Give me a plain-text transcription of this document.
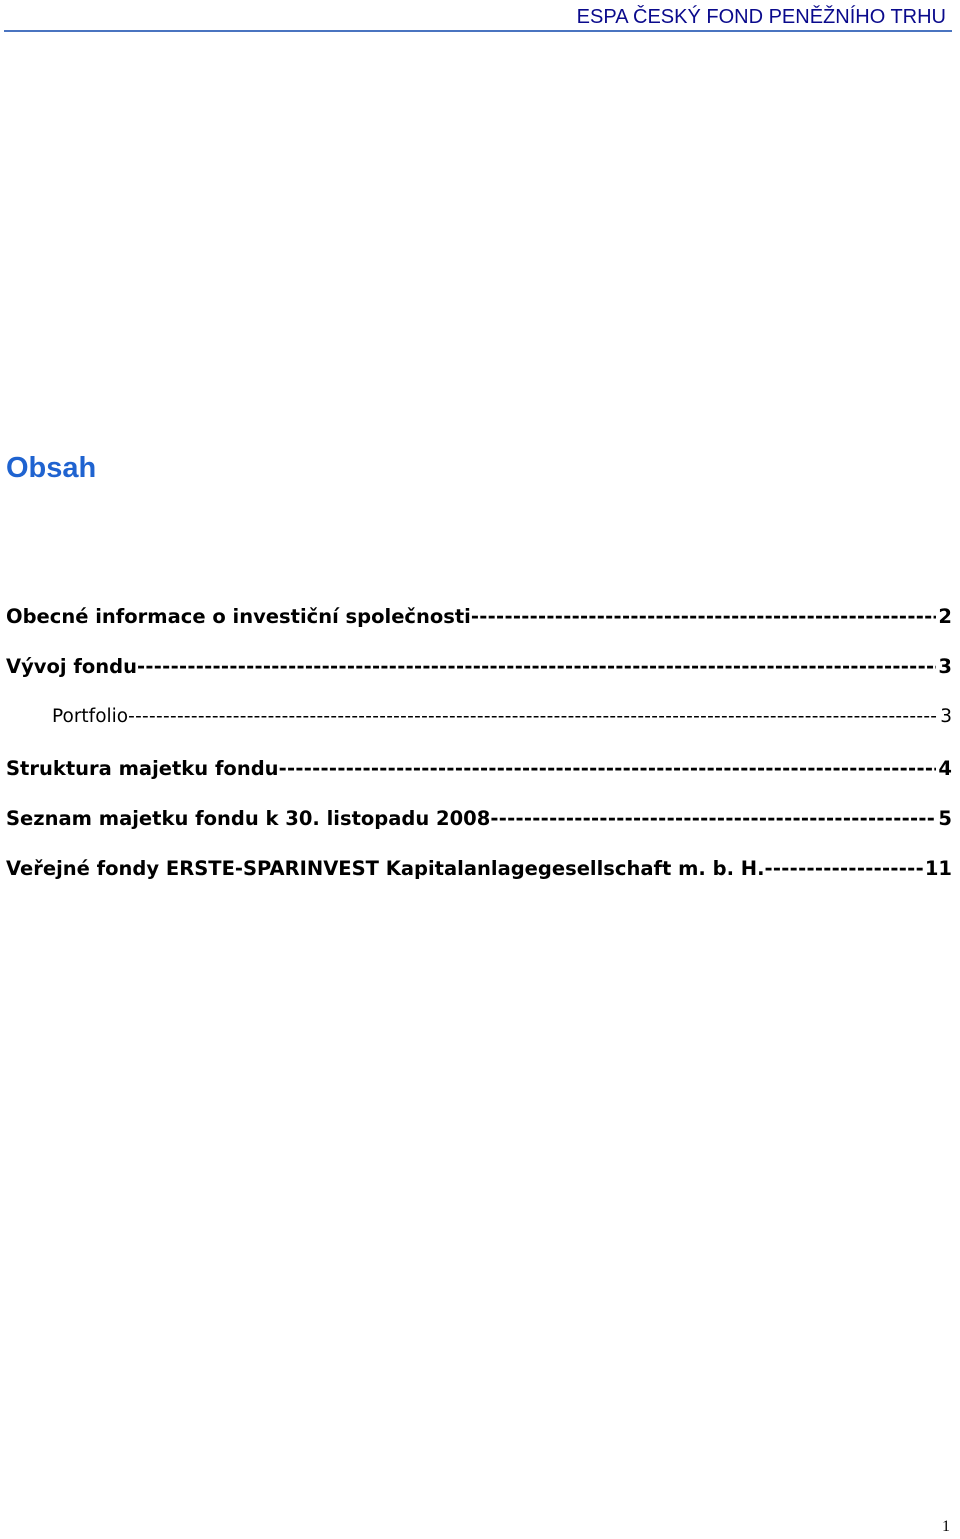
ESPA ČESKÝ FOND PENĚŽNÍHO TRHU
Obsah
Obecné informace o investiční společnosti -----	2
Vývoj fondu -----	3
Portfolio -----	3
Struktura majetku fondu -----	4
Seznam majetku fondu k 30. listopadu 2008 -----	5
Veřejné fondy ERSTE-SPARINVEST Kapitalanlagegesellschaft m. b. H. -----	11
1
